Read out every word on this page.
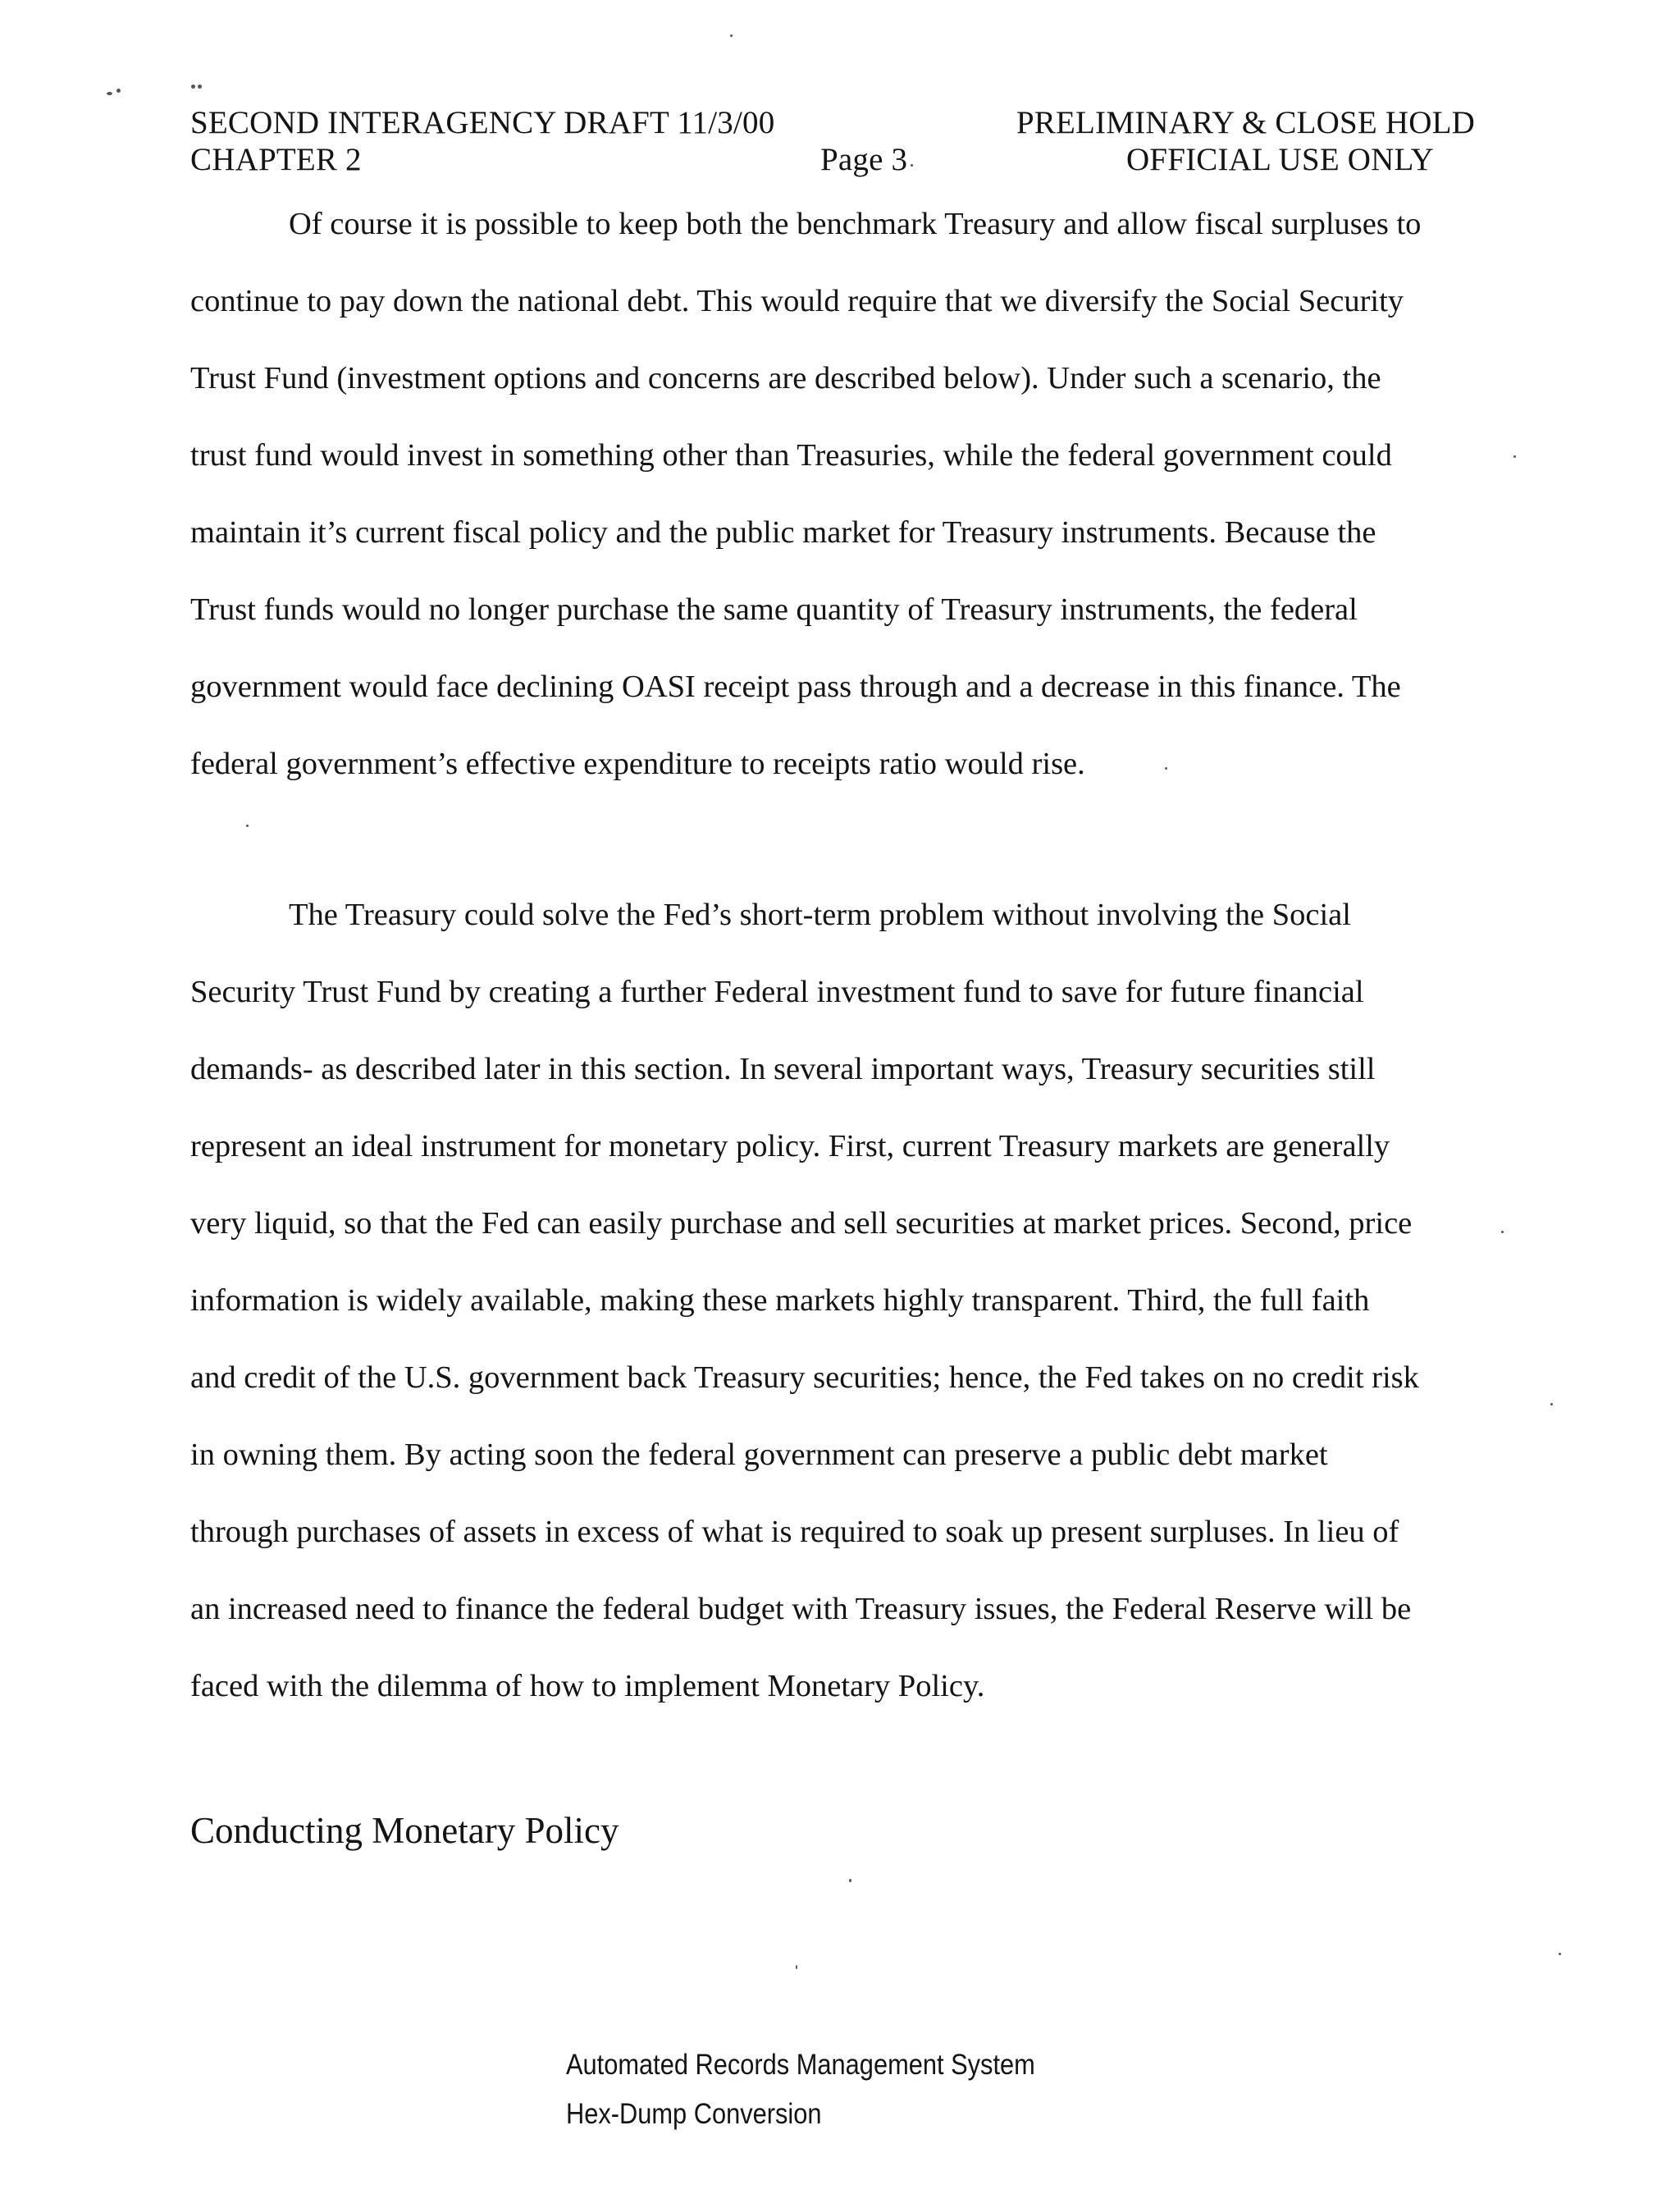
SECOND INTERAGENCY DRAFT 11/3/00
CHAPTER 2	Page 3
PRELIMINARY & CLOSE HOLD
OFFICIAL USE ONLY

Of course it is possible to keep both the benchmark Treasury and allow fiscal surpluses to
continue to pay down the national debt. This would require that we diversify the Social Security
Trust Fund (investment options and concerns are described below). Under such a scenario, the
trust fund would invest in something other than Treasuries, while the federal government could
maintain it’s current fiscal policy and the public market for Treasury instruments. Because the
Trust funds would no longer purchase the same quantity of Treasury instruments, the federal
government would face declining OASI receipt pass through and a decrease in this finance. The
federal government’s effective expenditure to receipts ratio would rise.

The Treasury could solve the Fed’s short-term problem without involving the Social
Security Trust Fund by creating a further Federal investment fund to save for future financial
demands- as described later in this section. In several important ways, Treasury securities still
represent an ideal instrument for monetary policy. First, current Treasury markets are generally
very liquid, so that the Fed can easily purchase and sell securities at market prices. Second, price
information is widely available, making these markets highly transparent. Third, the full faith
and credit of the U.S. government back Treasury securities; hence, the Fed takes on no credit risk
in owning them. By acting soon the federal government can preserve a public debt market
through purchases of assets in excess of what is required to soak up present surpluses. In lieu of
an increased need to finance the federal budget with Treasury issues, the Federal Reserve will be
faced with the dilemma of how to implement Monetary Policy.

Conducting Monetary Policy
Automated Records Management System
Hex-Dump Conversion
